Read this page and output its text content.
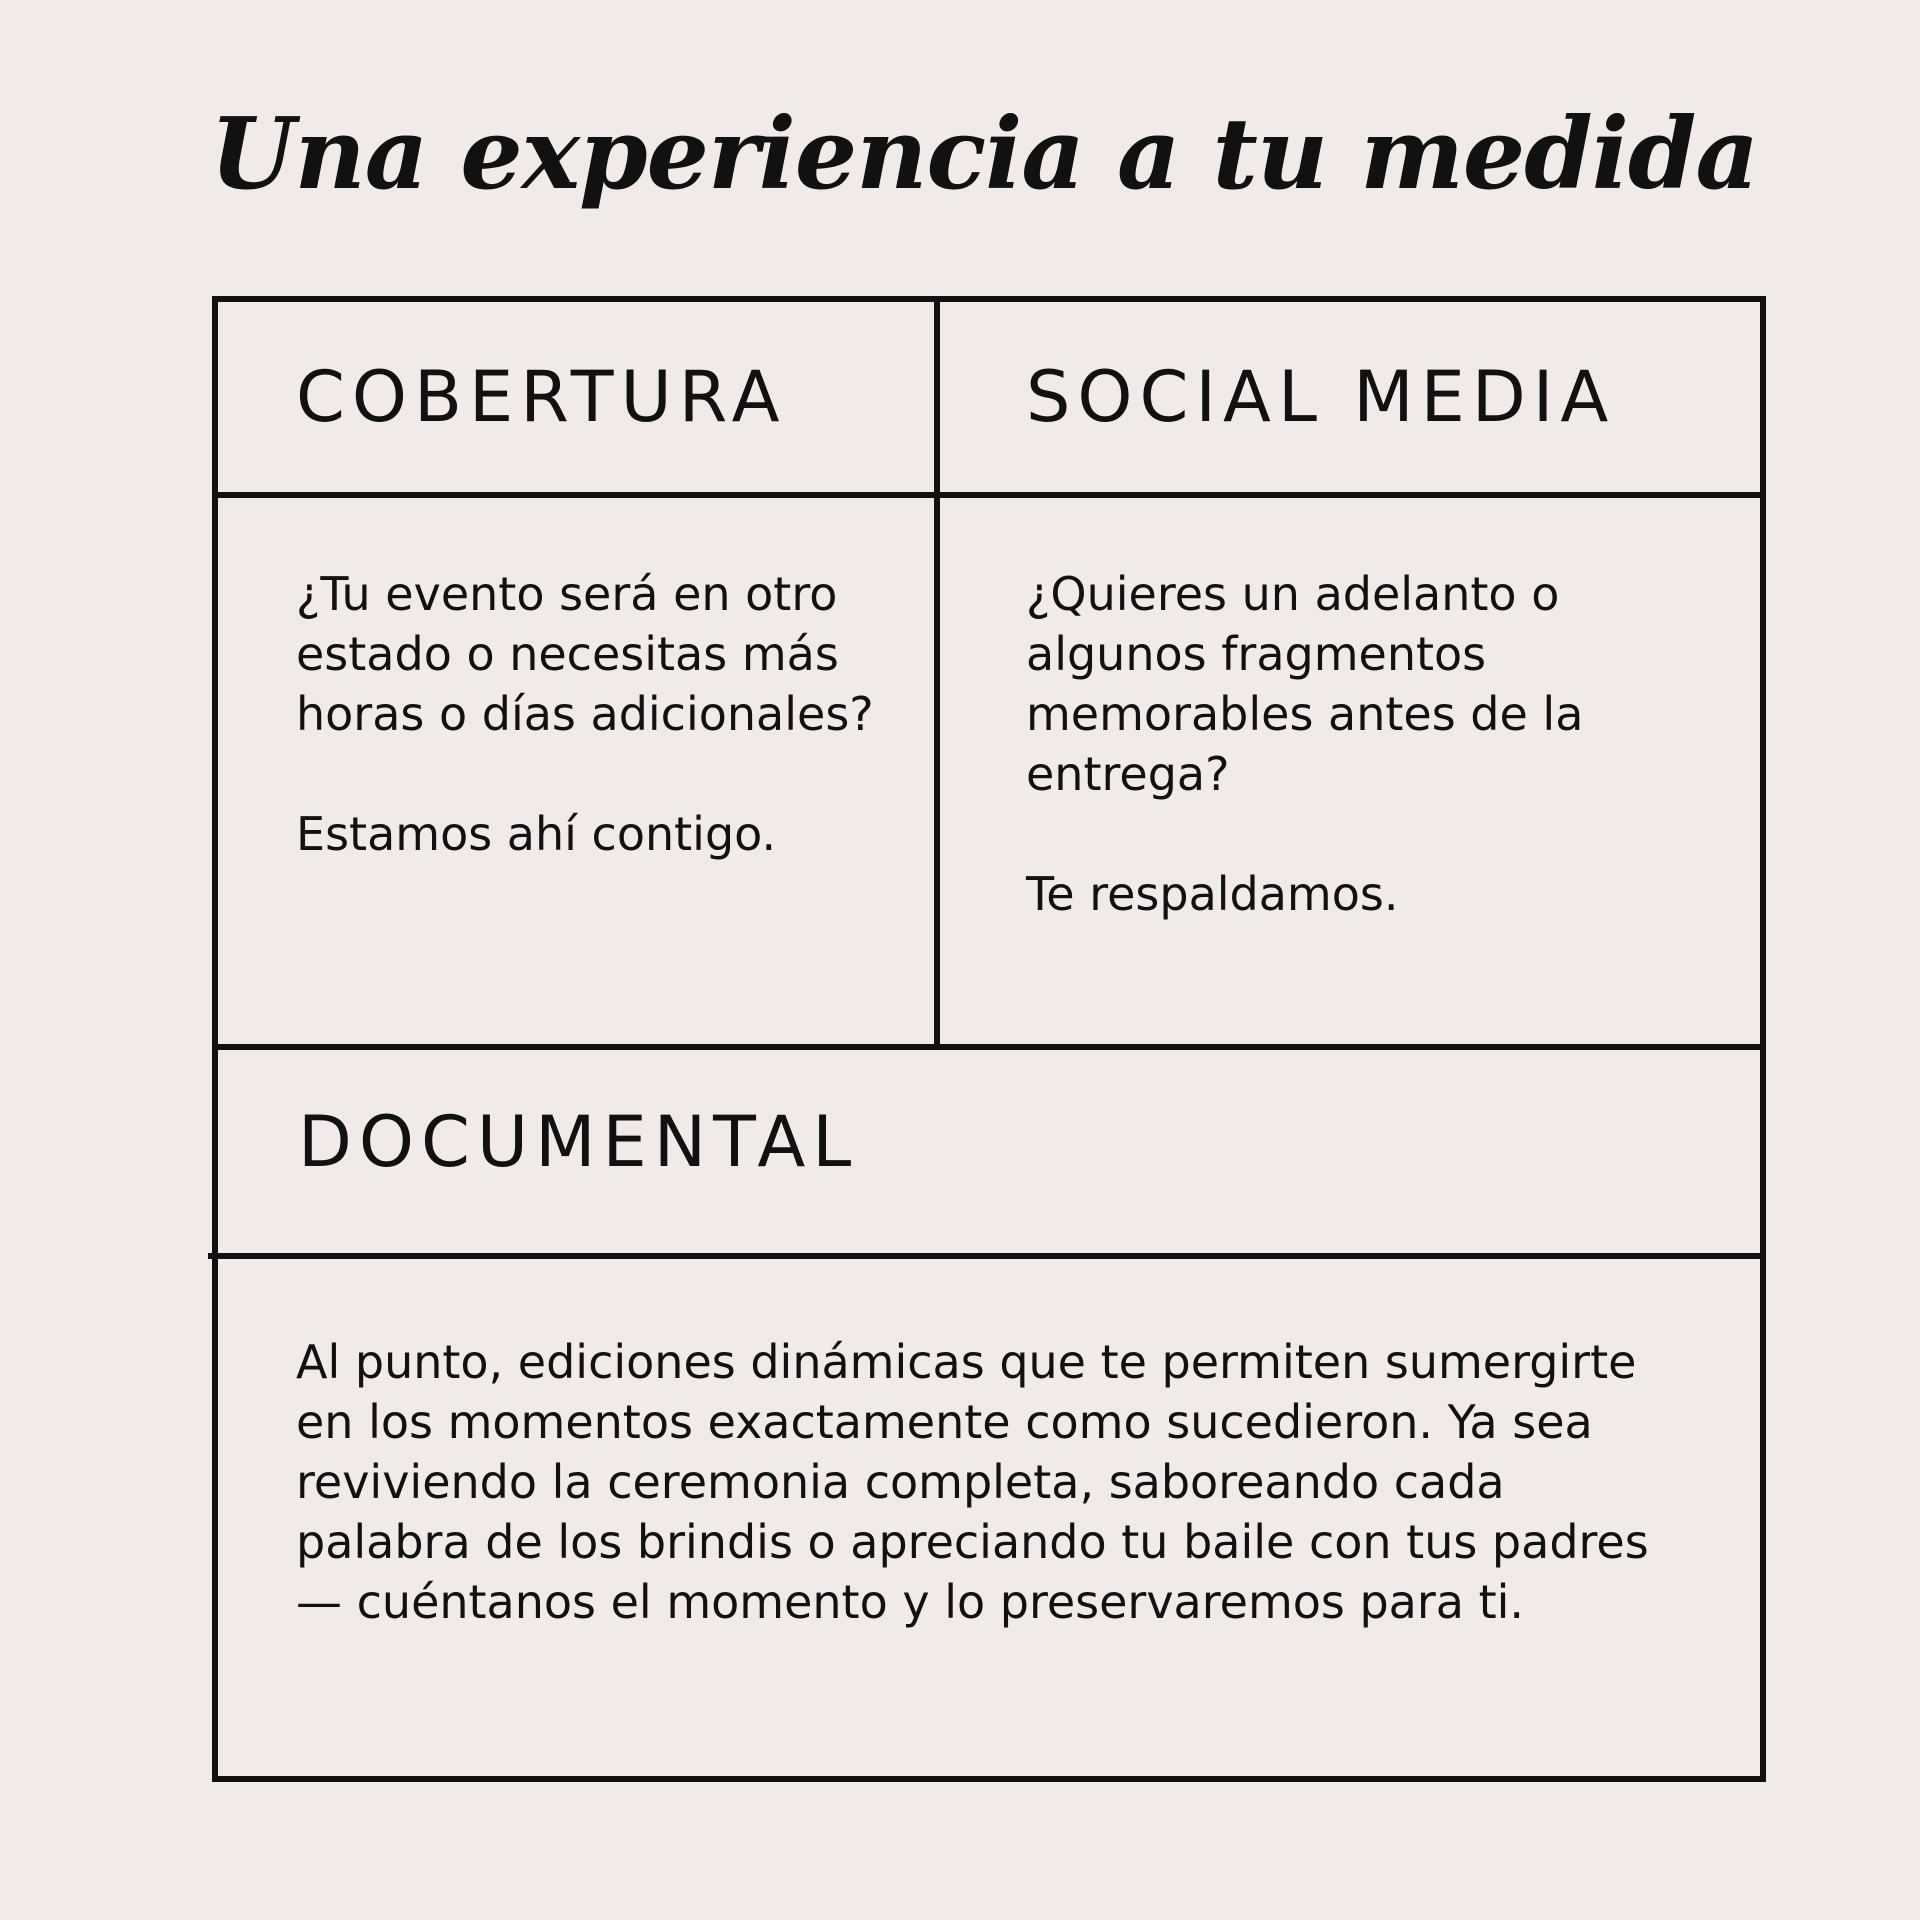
Una experiencia a tu medida
COBERTURA	SOCIAL MEDIA

¿Tu evento será en otro estado o necesitas más horas o días adicionales?

Estamos ahí contigo.

¿Quieres un adelanto o algunos fragmentos memorables antes de la entrega?

Te respaldamos.

DOCUMENTAL

Al punto, ediciones dinámicas que te permiten sumergirte en los momentos exactamente como sucedieron. Ya sea reviviendo la ceremonia completa, saboreando cada palabra de los brindis o apreciando tu baile con tus padres — cuéntanos el momento y lo preservaremos para ti.
